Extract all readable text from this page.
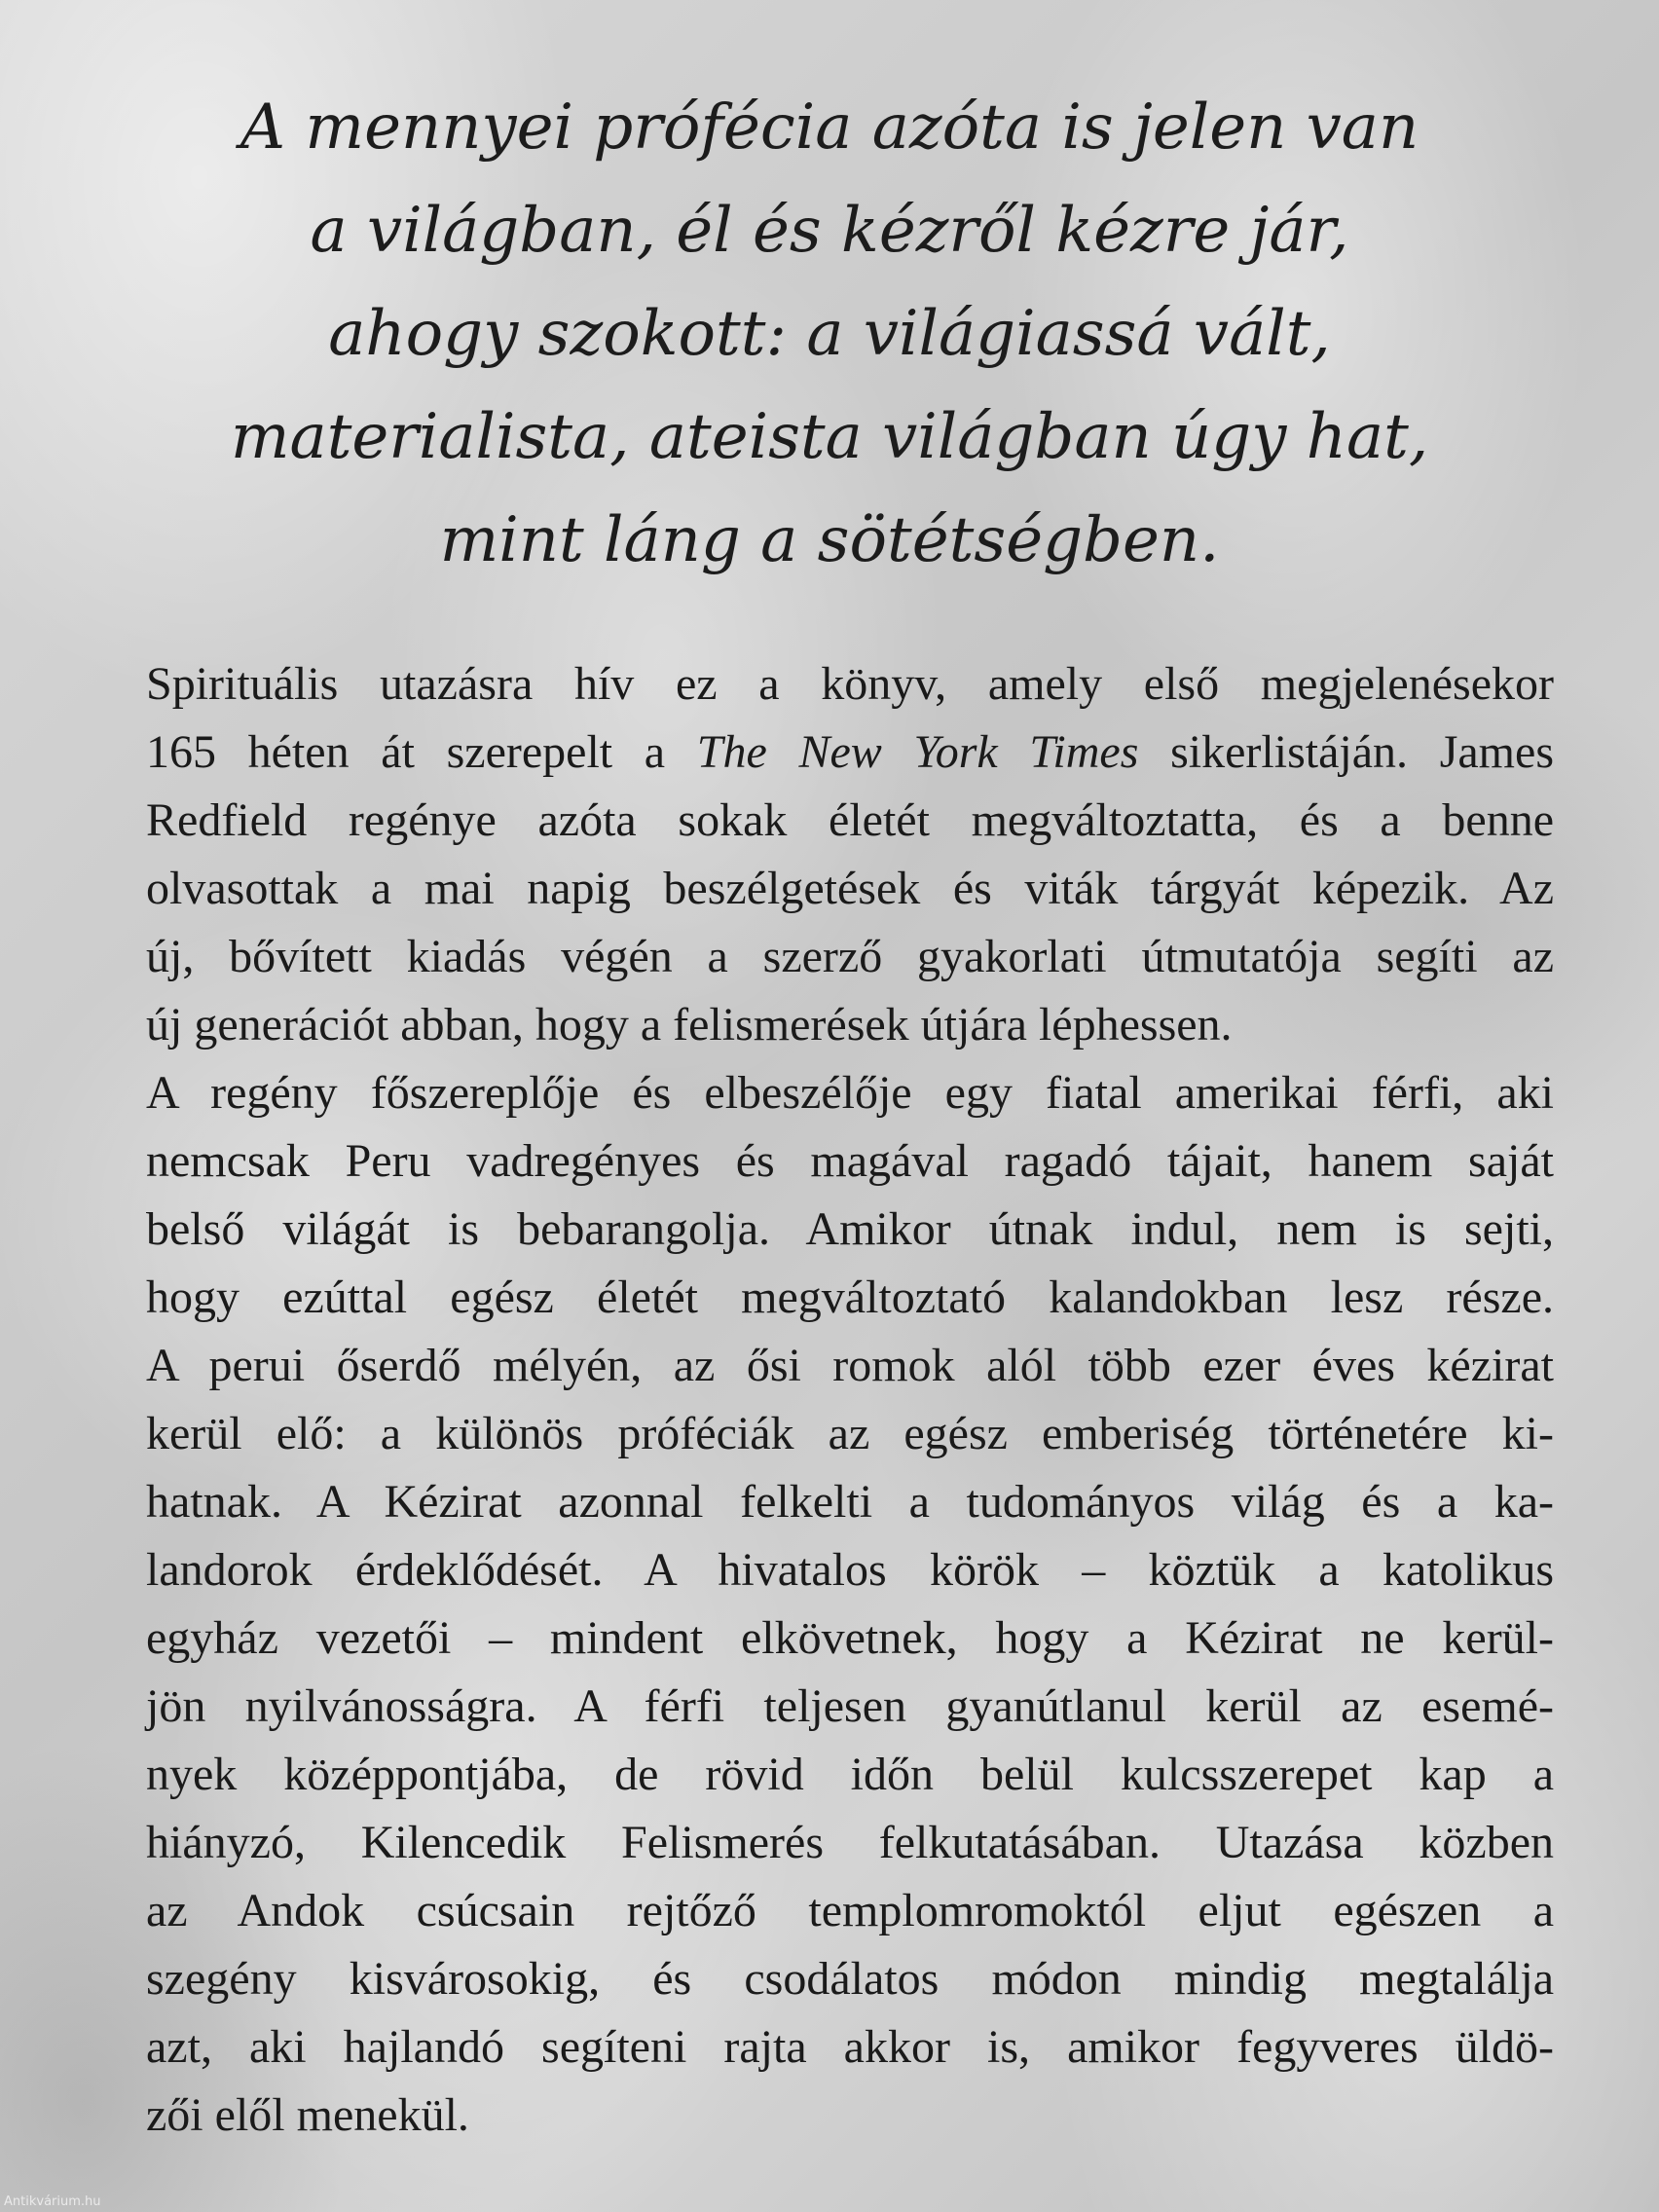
A mennyei prófécia azóta is jelen van
a világban, él és kézről kézre jár,
ahogy szokott: a világiassá vált,
materialista, ateista világban úgy hat,
mint láng a sötétségben.
Spirituális utazásra hív ez a könyv, amely első megjelenésekor
165 héten át szerepelt a The New York Times sikerlistáján. James
Redfield regénye azóta sokak életét megváltoztatta, és a benne
olvasottak a mai napig beszélgetések és viták tárgyát képezik. Az
új, bővített kiadás végén a szerző gyakorlati útmutatója segíti az
új generációt abban, hogy a felismerések útjára léphessen.
A regény főszereplője és elbeszélője egy fiatal amerikai férfi, aki
nemcsak Peru vadregényes és magával ragadó tájait, hanem saját
belső világát is bebarangolja. Amikor útnak indul, nem is sejti,
hogy ezúttal egész életét megváltoztató kalandokban lesz része.
A perui őserdő mélyén, az ősi romok alól több ezer éves kézirat
kerül elő: a különös próféciák az egész emberiség történetére ki-
hatnak. A Kézirat azonnal felkelti a tudományos világ és a ka-
landorok érdeklődését. A hivatalos körök – köztük a katolikus
egyház vezetői – mindent elkövetnek, hogy a Kézirat ne kerül-
jön nyilvánosságra. A férfi teljesen gyanútlanul kerül az esemé-
nyek középpontjába, de rövid időn belül kulcsszerepet kap a
hiányzó, Kilencedik Felismerés felkutatásában. Utazása közben
az Andok csúcsain rejtőző templomromoktól eljut egészen a
szegény kisvárosokig, és csodálatos módon mindig megtalálja
azt, aki hajlandó segíteni rajta akkor is, amikor fegyveres üldö-
zői elől menekül.
Antikvárium.hu
